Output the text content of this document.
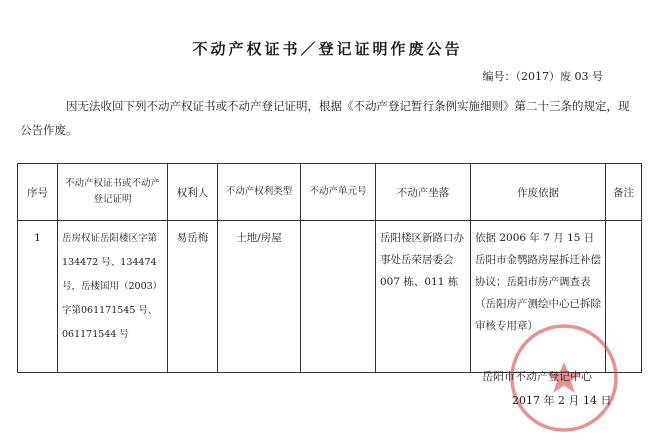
不动产权证书／登记证明作废公告
编号：（2017）废 03 号
因无法收回下列不动产权证书或不动产登记证明，根据《不动产登记暂行条例实施细则》第二十三条的规定，现公告作废。
序号	不动产权证书或不动产登记证明	权利人	不动产权利类型	不动产单元号	不动产坐落	作废依据	备注
1	岳房权证岳阳楼区字第134472 号、134474 号，岳楼国用（2003）字第061171545 号、061171544 号	易岳梅	土地/房屋		岳阳楼区新路口办事处岳荣居委会 007 栋、011 栋	依据 2006 年 7 月 15 日岳阳市金鹗路房屋拆迁补偿协议；岳阳市房产调查表（岳阳房产测绘中心已拆除审核专用章）	
岳阳市不动产登记中心
2017 年 2 月 14 日
